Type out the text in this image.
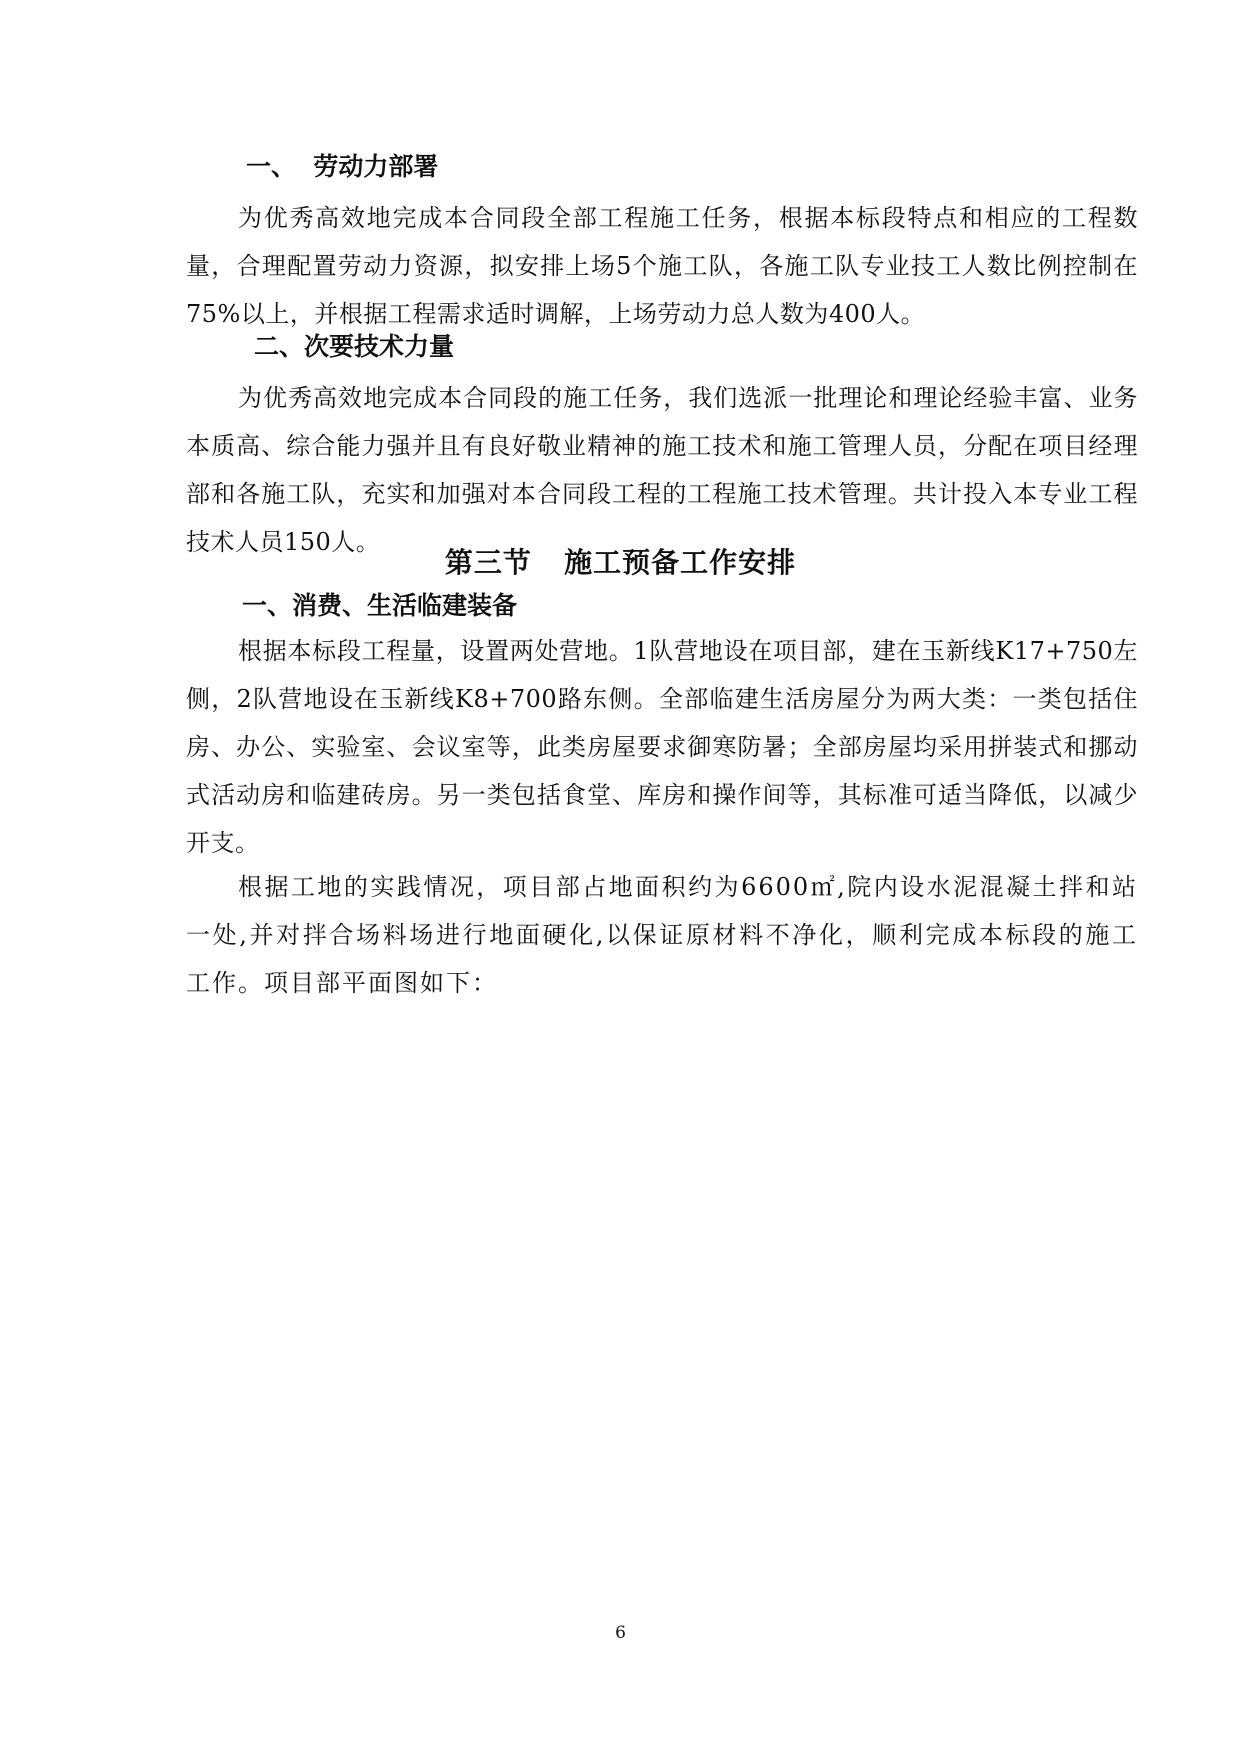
一、  劳动力部署
为优秀高效地完成本合同段全部工程施工任务，根据本标段特点和相应的工程数量，合理配置劳动力资源，拟安排上场5个施工队，各施工队专业技工人数比例控制在75%以上，并根据工程需求适时调解，上场劳动力总人数为400人。
二、次要技术力量
为优秀高效地完成本合同段的施工任务，我们选派一批理论和理论经验丰富、业务本质高、综合能力强并且有良好敬业精神的施工技术和施工管理人员，分配在项目经理部和各施工队，充实和加强对本合同段工程的工程施工技术管理。共计投入本专业工程技术人员150人。
第三节   施工预备工作安排
一、消费、生活临建装备
根据本标段工程量，设置两处营地。1队营地设在项目部，建在玉新线K17+750左侧，2队营地设在玉新线K8+700路东侧。全部临建生活房屋分为两大类：一类包括住房、办公、实验室、会议室等，此类房屋要求御寒防暑；全部房屋均采用拼装式和挪动式活动房和临建砖房。另一类包括食堂、库房和操作间等，其标准可适当降低，以减少开支。
根据工地的实践情况，项目部占地面积约为6600㎡,院内设水泥混凝土拌和站一处,并对拌合场料场进行地面硬化,以保证原材料不净化，顺利完成本标段的施工工作。项目部平面图如下：
6
